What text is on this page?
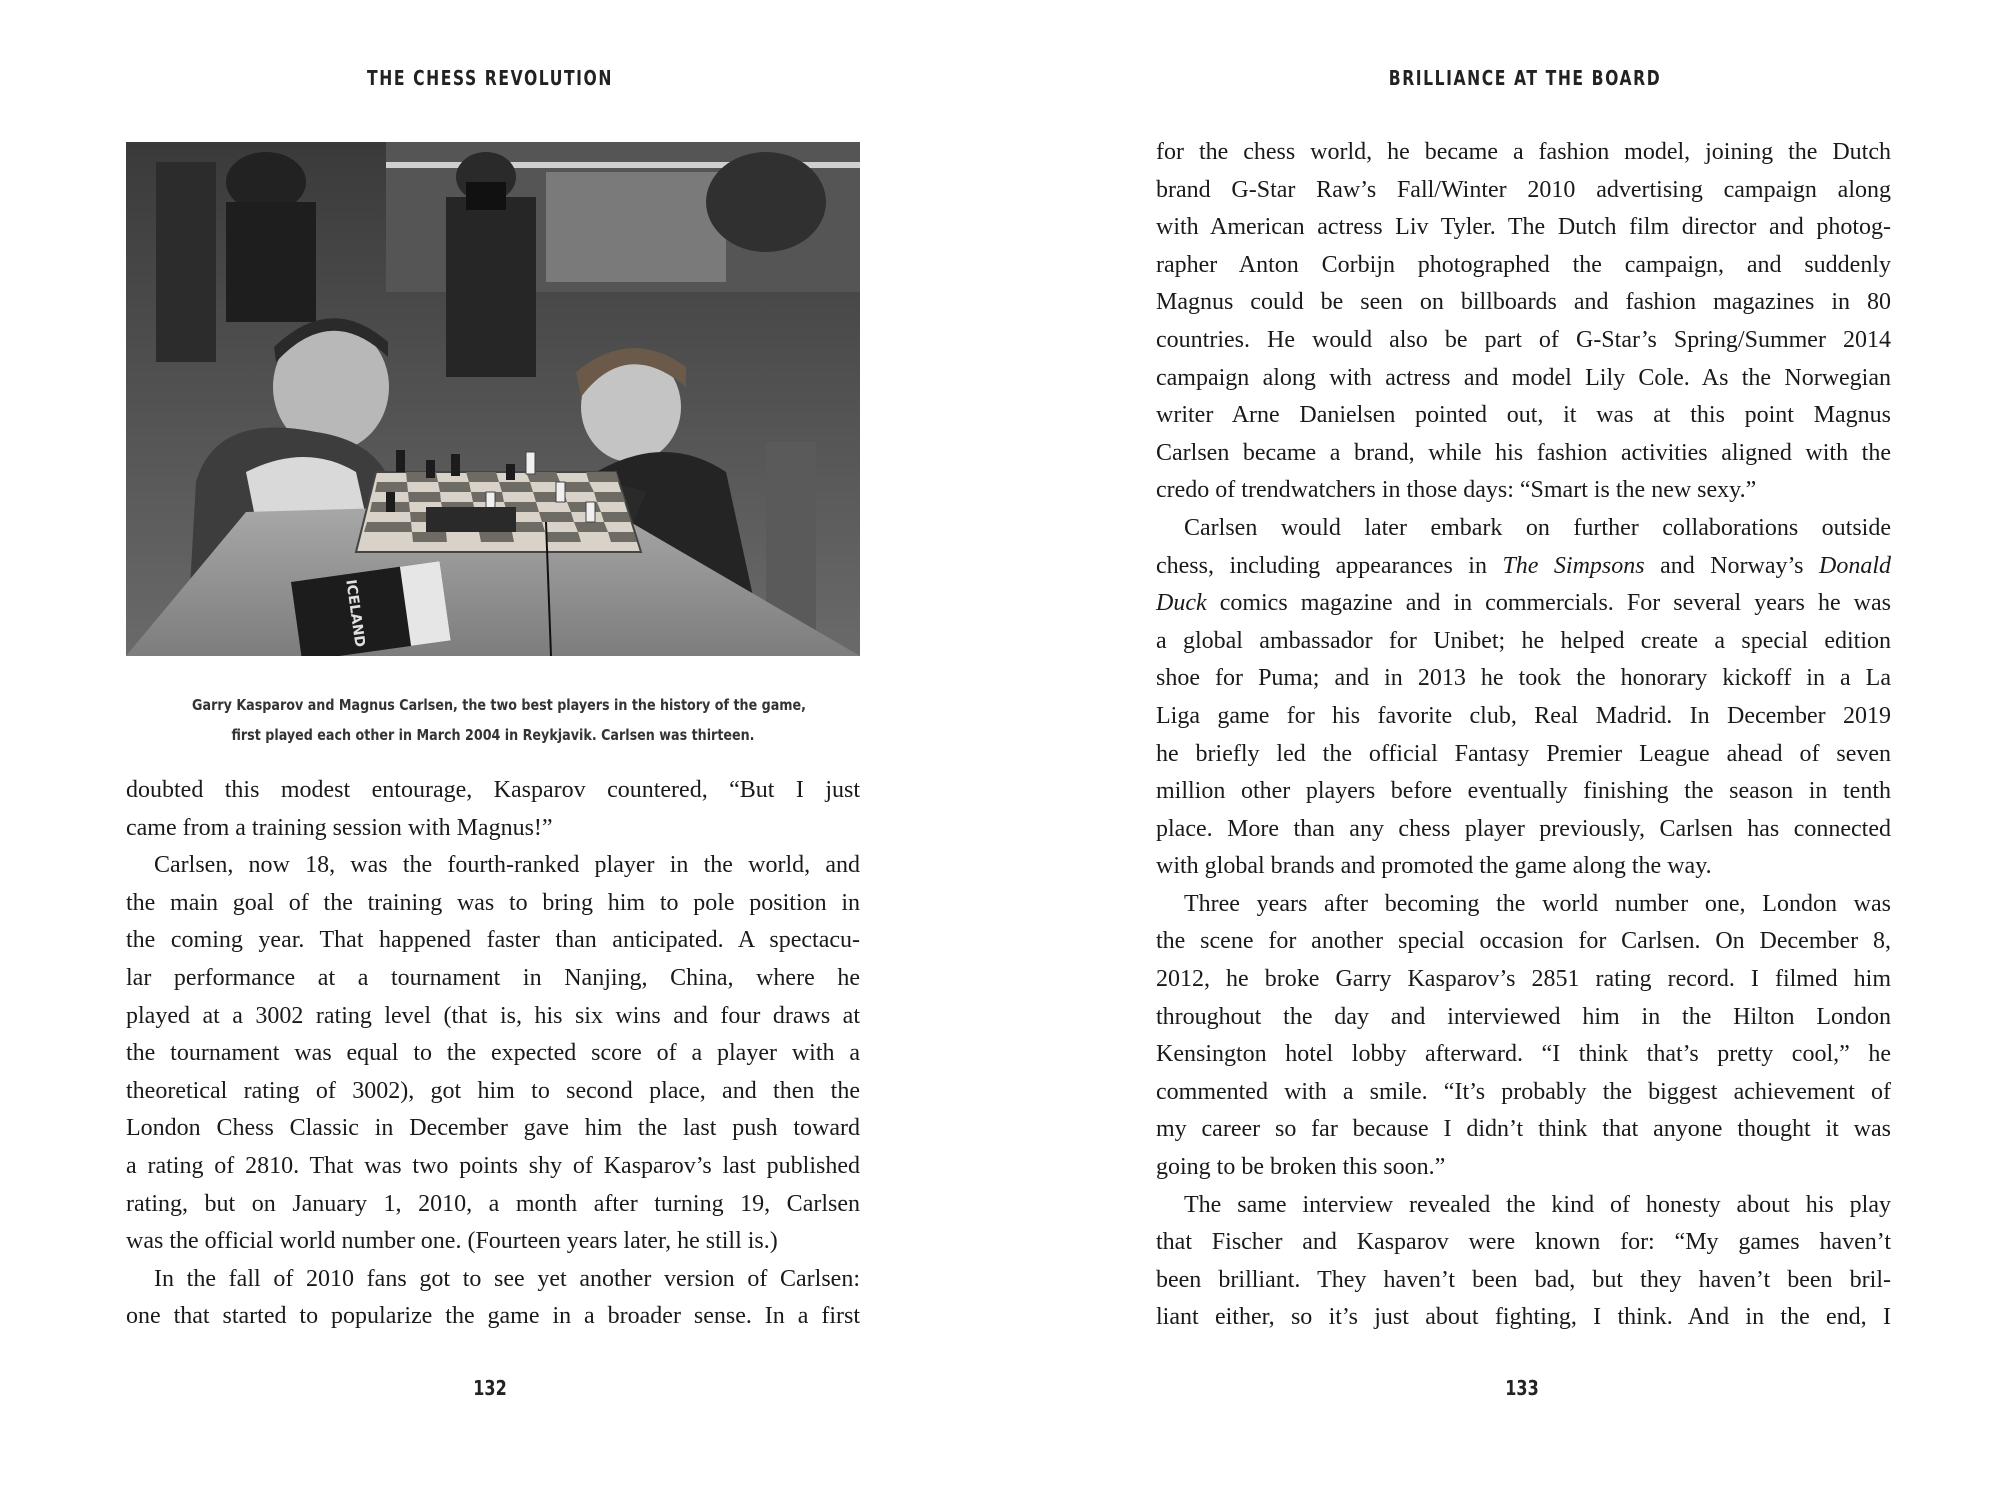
THE CHESS REVOLUTION
ICELAND
Garry Kasparov and Magnus Carlsen, the two best players in the history of the game,
first played each other in March 2004 in Reykjavik. Carlsen was thirteen.
doubted this modest entourage, Kasparov countered, “But I just
came from a training session with Magnus!”
Carlsen, now 18, was the fourth-ranked player in the world, and
the main goal of the training was to bring him to pole position in
the coming year. That happened faster than anticipated. A spectacu-
lar performance at a tournament in Nanjing, China, where he
played at a 3002 rating level (that is, his six wins and four draws at
the tournament was equal to the expected score of a player with a
theoretical rating of 3002), got him to second place, and then the
London Chess Classic in December gave him the last push toward
a rating of 2810. That was two points shy of Kasparov’s last published
rating, but on January 1, 2010, a month after turning 19, Carlsen
was the official world number one. (Fourteen years later, he still is.)
In the fall of 2010 fans got to see yet another version of Carlsen:
one that started to popularize the game in a broader sense. In a first
132
BRILLIANCE AT THE BOARD
for the chess world, he became a fashion model, joining the Dutch
brand G-Star Raw’s Fall/Winter 2010 advertising campaign along
with American actress Liv Tyler. The Dutch film director and photog-
rapher Anton Corbijn photographed the campaign, and suddenly
Magnus could be seen on billboards and fashion magazines in 80
countries. He would also be part of G-Star’s Spring/Summer 2014
campaign along with actress and model Lily Cole. As the Norwegian
writer Arne Danielsen pointed out, it was at this point Magnus
Carlsen became a brand, while his fashion activities aligned with the
credo of trendwatchers in those days: “Smart is the new sexy.”
Carlsen would later embark on further collaborations outside
chess, including appearances in The Simpsons and Norway’s Donald
Duck comics magazine and in commercials. For several years he was
a global ambassador for Unibet; he helped create a special edition
shoe for Puma; and in 2013 he took the honorary kickoff in a La
Liga game for his favorite club, Real Madrid. In December 2019
he briefly led the official Fantasy Premier League ahead of seven
million other players before eventually finishing the season in tenth
place. More than any chess player previously, Carlsen has connected
with global brands and promoted the game along the way.
Three years after becoming the world number one, London was
the scene for another special occasion for Carlsen. On December 8,
2012, he broke Garry Kasparov’s 2851 rating record. I filmed him
throughout the day and interviewed him in the Hilton London
Kensington hotel lobby afterward. “I think that’s pretty cool,” he
commented with a smile. “It’s probably the biggest achievement of
my career so far because I didn’t think that anyone thought it was
going to be broken this soon.”
The same interview revealed the kind of honesty about his play
that Fischer and Kasparov were known for: “My games haven’t
been brilliant. They haven’t been bad, but they haven’t been bril-
liant either, so it’s just about fighting, I think. And in the end, I
133
